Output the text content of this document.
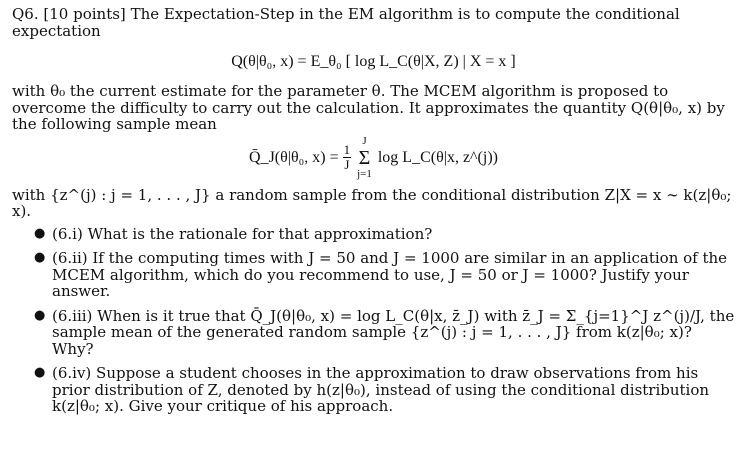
Q6. [10 points] The Expectation-Step in the EM algorithm is to compute the conditional expectation

Q(θ|θ₀, x) = E_θ₀ [ log L_C(θ|X, Z) | X = x ]

with θ₀ the current estimate for the parameter θ. The MCEM algorithm is proposed to overcome the difficulty to carry out the calculation. It approximates the quantity Q(θ|θ₀, x) by the following sample mean

Q̄_J(θ|θ₀, $x) = \frac{1}{J}$

J
Σ
j=1
log L_C(θ|x, z^(j))

with {z^(j) : j = 1, . . . , J} a random sample from the conditional distribution Z|X = x ∼ k(z|θ₀; x).

● (6.i) What is the rationale for that approximation?
● (6.ii) If the computing times with J = 50 and J = 1000 are similar in an application of the MCEM algorithm, which do you recommend to use, J = 50 or J = 1000? Justify your answer.
● (6.iii) When is it true that Q̄_J(θ|θ₀, x) = log L_C(θ|x, z̄_J) with z̄_J = Σ_{j=1}^J z^(j)/J, the sample mean of the generated random sample {z^(j) : j = 1, . . . , J} from k(z|θ₀; x)? Why?
● (6.iv) Suppose a student chooses in the approximation to draw observations from his prior distribution of Z, denoted by h(z|θ₀), instead of using the conditional distribution k(z|θ₀; x). Give your critique of his approach.
